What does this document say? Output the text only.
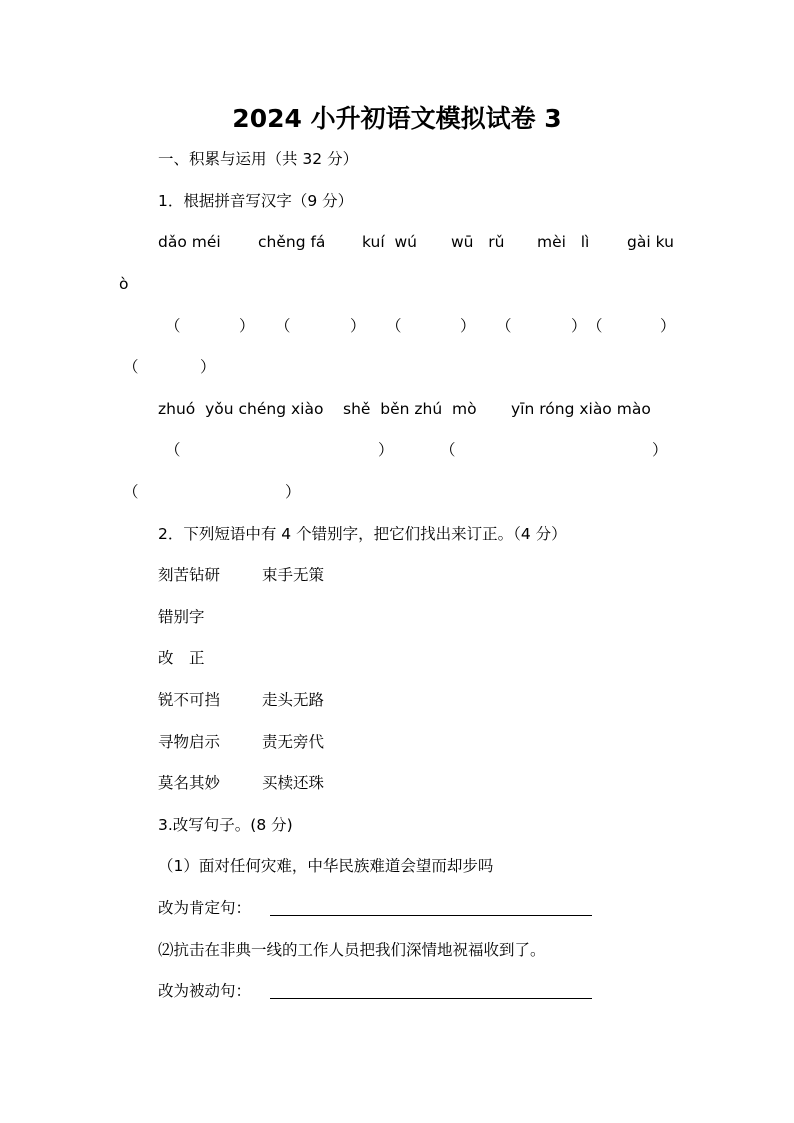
2024 小升初语文模拟试卷 3
一、积累与运用（共 32 分）
1．根据拼音写汉字（9 分）
dǎo méi chěng fá kuí  wú wū   rǔ mèi   lì gài ku
ò
（	） （	） （	） （	） （	）
（	）
zhuó  yǒu chéng xiào shě  běn zhú  mò yīn róng xiào mào
（	）	（	）
（	）
2．下列短语中有 4 个错别字，把它们找出来订正。（4 分）
刻苦钻研	束手无策
错别字
改　正
锐不可挡	走头无路
寻物启示	责无旁代
莫名其妙	买椟还珠
3.改写句子。(8 分)
（1）面对任何灾难，中华民族难道会望而却步吗
改为肯定句：
⑵抗击在非典一线的工作人员把我们深情地祝福收到了。
改为被动句：
